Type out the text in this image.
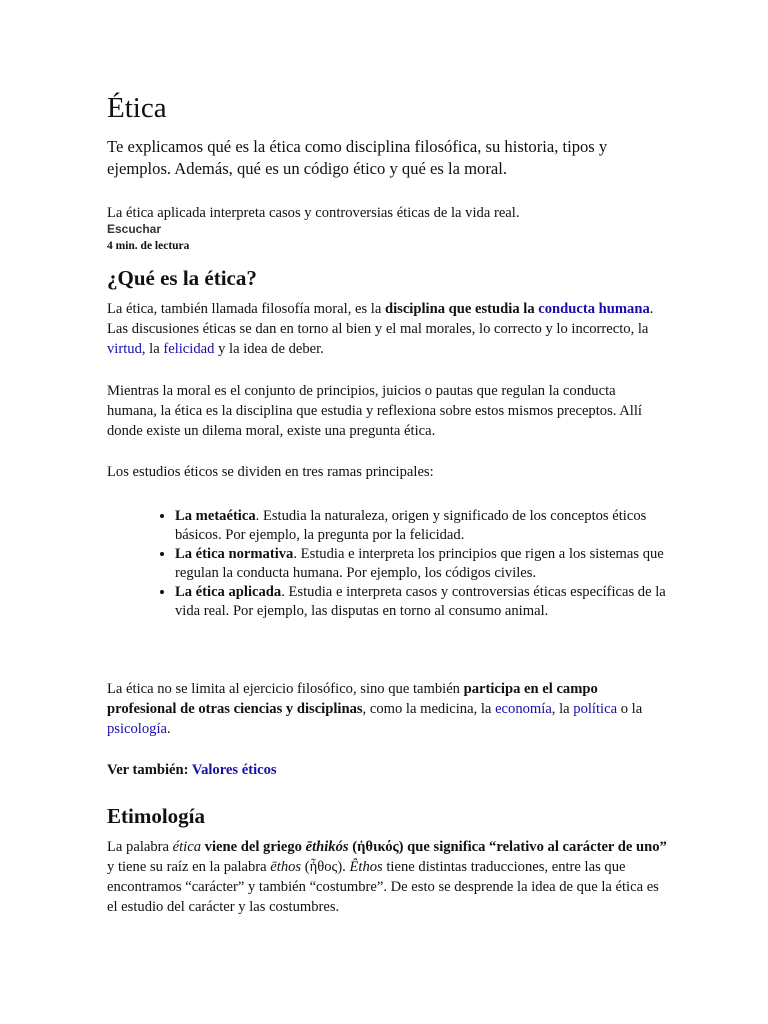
Ética

Te explicamos qué es la ética como disciplina filosófica, su historia, tipos y ejemplos. Además, qué es un código ético y qué es la moral.

La ética aplicada interpreta casos y controversias éticas de la vida real.

Escuchar
4 min. de lectura
¿Qué es la ética?

La ética, también llamada filosofía moral, es la disciplina que estudia la conducta humana. Las discusiones éticas se dan en torno al bien y el mal morales, lo correcto y lo incorrecto, la virtud, la felicidad y la idea de deber.

Mientras la moral es el conjunto de principios, juicios o pautas que regulan la conducta humana, la ética es la disciplina que estudia y reflexiona sobre estos mismos preceptos. Allí donde existe un dilema moral, existe una pregunta ética.

Los estudios éticos se dividen en tres ramas principales:

• La metaética. Estudia la naturaleza, origen y significado de los conceptos éticos básicos. Por ejemplo, la pregunta por la felicidad.
• La ética normativa. Estudia e interpreta los principios que rigen a los sistemas que regulan la conducta humana. Por ejemplo, los códigos civiles.
• La ética aplicada. Estudia e interpreta casos y controversias éticas específicas de la vida real. Por ejemplo, las disputas en torno al consumo animal.

La ética no se limita al ejercicio filosófico, sino que también participa en el campo profesional de otras ciencias y disciplinas, como la medicina, la economía, la política o la psicología.

Ver también: Valores éticos

Etimología

La palabra ética viene del griego ēthikós (ἠθικός) que significa “relativo al carácter de uno” y tiene su raíz en la palabra ēthos (ἦθος). Êthos tiene distintas traducciones, entre las que encontramos “carácter” y también “costumbre”. De esto se desprende la idea de que la ética es el estudio del carácter y las costumbres.
